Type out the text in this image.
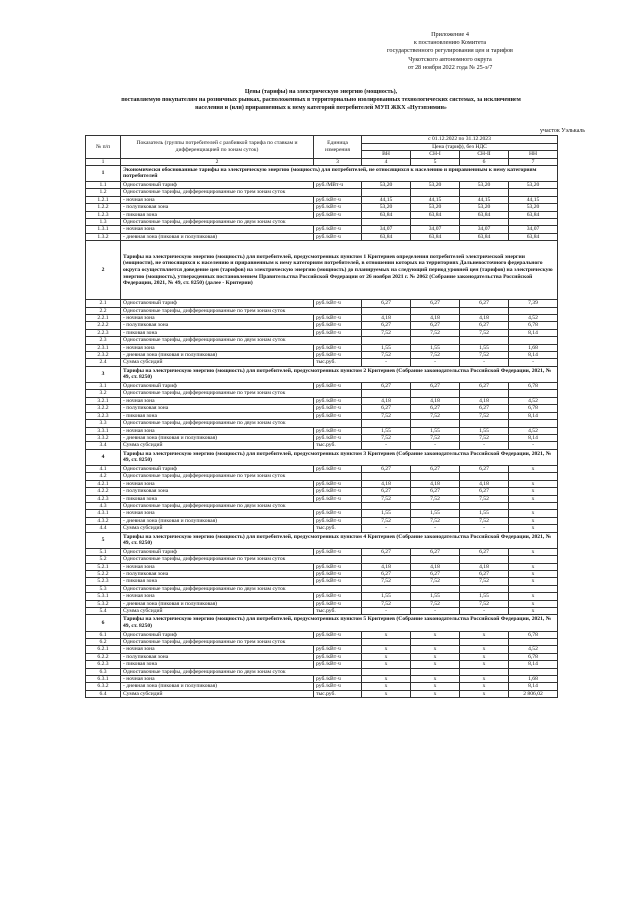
Приложение 4
к постановлению Комитета
государственного регулирования цен и тарифов
Чукотского автономного округа
от 28 ноября 2022 года № 25-э/7
Цены (тарифы) на электрическую энергию (мощность),
поставляемую покупателям на розничных рынках, расположенных в территориально изолированных технологических системах, за исключением
населения и (или) приравненных к нему категорий потребителей МУП ЖКХ «Нутэпэнмин»
участок Уэлькаль
№ п/п	Показатель (группы потребителей с разбивкой тарифа по ставкам и дифференциацией по зонам суток)	Единица измерения	с 01.12.2022 по 31.12.2023			
			Цена (тариф), без НДС			
			ВН	СН-I	СН-II	НН
1	2	3	4	5	6	7
1	Экономически обоснованные тарифы на электрическую энергию (мощность) для потребителей, не относящихся к населению и приравненным к нему категориям потребителей					
1.1	Одноставочный тариф	руб./МВт·ч	53,20	53,20	53,20	53,20
1.2	Одноставочные тарифы, дифференцированные по трем зонам суток					
1.2.1	- ночная зона	руб./кВт·ч	44,15	44,15	44,15	44,15
1.2.2	- полупиковая зона	руб./кВт·ч	53,20	53,20	53,20	53,20
1.2.3	- пиковая зона	руб./кВт·ч	63,84	63,84	63,84	63,84
1.3	Одноставочные тарифы, дифференцированные по двум зонам суток					
1.3.1	- ночная зона	руб./кВт·ч	34,07	34,07	34,07	34,07
1.3.2	- дневная зона (пиковая и полупиковая)	руб./кВт·ч	63,84	63,84	63,84	63,84
2	Тарифы на электрическую энергию (мощность) для потребителей, предусмотренных пунктом 1 Критериев определения потребителей электрической энергии (мощности), не относящихся к населению и приравненным к нему категориям потребителей, в отношении которых на территориях Дальневосточного федерального округа осуществляется доведение цен (тарифов) на электрическую энергию (мощность) до планируемых на следующий период уровней цен (тарифов) на электрическую энергию (мощность), утвержденных постановлением Правительства Российской Федерации от 26 ноября 2021 г. № 2062 (Собрание законодательства Российской Федерации, 2021, № 49, ст. 8250) (далее - Критерии)					
2.1	Одноставочный тариф	руб./кВт·ч	6,27	6,27	6,27	7,39
2.2	Одноставочные тарифы, дифференцированные по трем зонам суток					
2.2.1	- ночная зона	руб./кВт·ч	4,18	4,18	4,18	4,52
2.2.2	- полупиковая зона	руб./кВт·ч	6,27	6,27	6,27	6,78
2.2.3	- пиковая зона	руб./кВт·ч	7,52	7,52	7,52	8,14
2.3	Одноставочные тарифы, дифференцированные по двум зонам суток					
2.3.1	- ночная зона	руб./кВт·ч	1,55	1,55	1,55	1,68
2.3.2	- дневная зона (пиковая и полупиковая)	руб./кВт·ч	7,52	7,52	7,52	8,14
2.4	Сумма субсидий	тыс.руб.	-	-	-	-
3	Тарифы на электрическую энергию (мощность) для потребителей, предусмотренных пунктом 2 Критериев (Собрание законодательства Российской Федерации, 2021, № 49, ст. 8250)					
3.1	Одноставочный тариф	руб./кВт·ч	6,27	6,27	6,27	6,78
3.2	Одноставочные тарифы, дифференцированные по трем зонам суток					
3.2.1	- ночная зона	руб./кВт·ч	4,18	4,18	4,18	4,52
3.2.2	- полупиковая зона	руб./кВт·ч	6,27	6,27	6,27	6,78
3.2.3	- пиковая зона	руб./кВт·ч	7,52	7,52	7,52	8,14
3.3	Одноставочные тарифы, дифференцированные по двум зонам суток					
3.3.1	- ночная зона	руб./кВт·ч	1,55	1,55	1,55	4,52
3.3.2	- дневная зона (пиковая и полупиковая)	руб./кВт·ч	7,52	7,52	7,52	8,14
3.4	Сумма субсидий	тыс.руб.	-	-	-	-
4	Тарифы на электрическую энергию (мощность) для потребителей, предусмотренных пунктом 3 Критериев (Собрание законодательства Российской Федерации, 2021, № 49, ст. 8250)					
4.1	Одноставочный тариф	руб./кВт·ч	6,27	6,27	6,27	х
4.2	Одноставочные тарифы, дифференцированные по трем зонам суток					
4.2.1	- ночная зона	руб./кВт·ч	4,18	4,18	4,18	х
4.2.2	- полупиковая зона	руб./кВт·ч	6,27	6,27	6,27	х
4.2.3	- пиковая зона	руб./кВт·ч	7,52	7,52	7,52	х
4.3	Одноставочные тарифы, дифференцированные по двум зонам суток					
4.3.1	- ночная зона	руб./кВт·ч	1,55	1,55	1,55	х
4.3.2	- дневная зона (пиковая и полупиковая)	руб./кВт·ч	7,52	7,52	7,52	х
4.4	Сумма субсидий	тыс.руб.	-	-	-	х
5	Тарифы на электрическую энергию (мощность) для потребителей, предусмотренных пунктом 4 Критериев (Собрание законодательства Российской Федерации, 2021, № 49, ст. 8250)					
5.1	Одноставочный тариф	руб./кВт·ч	6,27	6,27	6,27	х
5.2	Одноставочные тарифы, дифференцированные по трем зонам суток					
5.2.1	- ночная зона	руб./кВт·ч	4,18	4,18	4,18	х
5.2.2	- полупиковая зона	руб./кВт·ч	6,27	6,27	6,27	х
5.2.3	- пиковая зона	руб./кВт·ч	7,52	7,52	7,52	х
5.3	Одноставочные тарифы, дифференцированные по двум зонам суток					
5.3.1	- ночная зона	руб./кВт·ч	1,55	1,55	1,55	х
5.3.2	- дневная зона (пиковая и полупиковая)	руб./кВт·ч	7,52	7,52	7,52	х
5.4	Сумма субсидий	тыс.руб.	-	-	-	х
6	Тарифы на электрическую энергию (мощность) для потребителей, предусмотренных пунктом 5 Критериев (Собрание законодательства Российской Федерации, 2021, № 49, ст. 8250)					
6.1	Одноставочный тариф	руб./кВт·ч	х	х	х	6,78
6.2	Одноставочные тарифы, дифференцированные по трем зонам суток					
6.2.1	- ночная зона	руб./кВт·ч	х	х	х	4,52
6.2.2	- полупиковая зона	руб./кВт·ч	х	х	х	6,78
6.2.3	- пиковая зона	руб./кВт·ч	х	х	х	8,14
6.3	Одноставочные тарифы, дифференцированные по двум зонам суток					
6.3.1	- ночная зона	руб./кВт·ч	х	х	х	1,68
6.3.2	- дневная зона (пиковая и полупиковая)	руб./кВт·ч	х	х	х	8,14
6.4	Сумма субсидий	тыс.руб.	х	х	х	2 806,02
